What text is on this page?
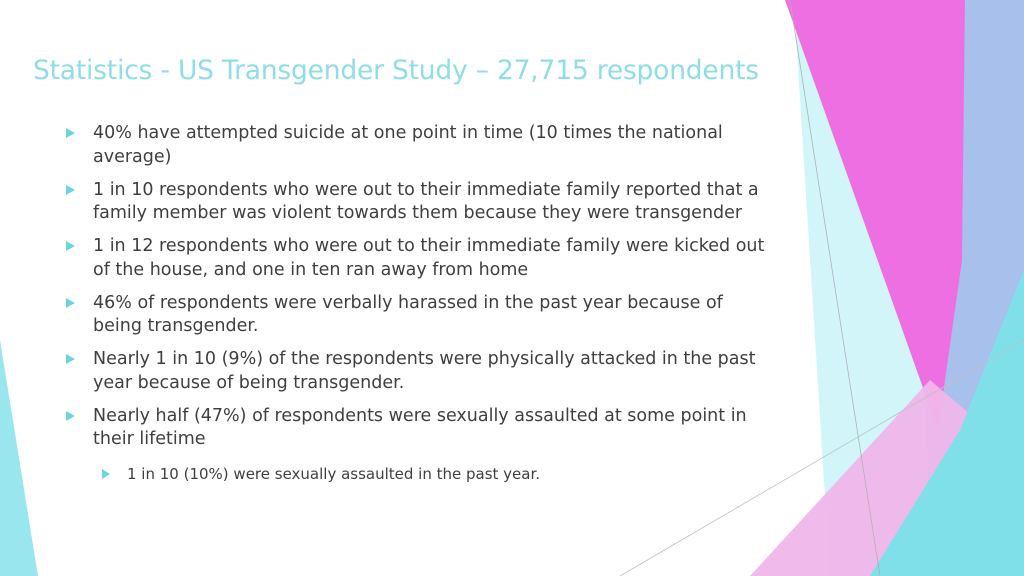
Statistics - US Transgender Study – 27,715 respondents
40% have attempted suicide at one point in time (10 times the national average)
1 in 10 respondents who were out to their immediate family reported that a family member was violent towards them because they were transgender
1 in 12 respondents who were out to their immediate family were kicked out of the house, and one in ten ran away from home
46% of respondents were verbally harassed in the past year because of being transgender.
Nearly 1 in 10 (9%) of the respondents were physically attacked in the past year because of being transgender.
Nearly half (47%) of respondents were sexually assaulted at some point in their lifetime
1 in 10 (10%) were sexually assaulted in the past year.
